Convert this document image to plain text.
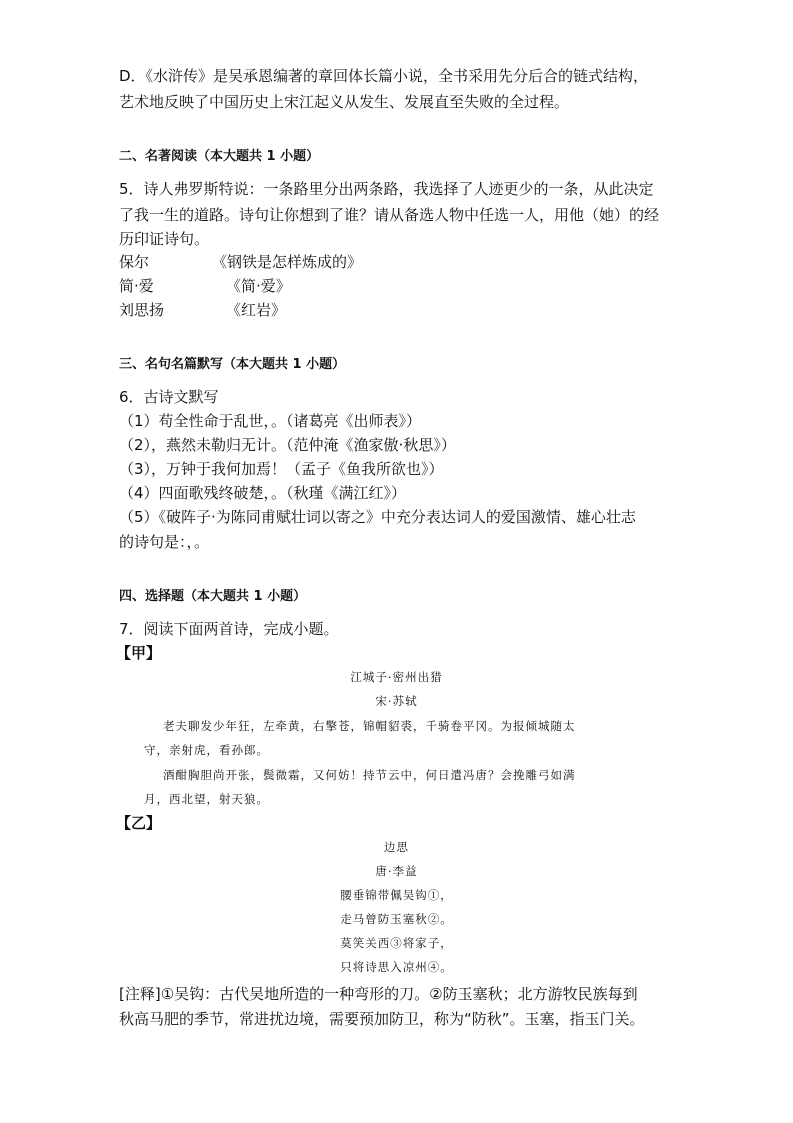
D．《水浒传》是吴承恩编著的章回体长篇小说，全书采用先分后合的链式结构，
艺术地反映了中国历史上宋江起义从发生、发展直至失败的全过程。
二、名著阅读（本大题共 1 小题）
5．诗人弗罗斯特说：一条路里分出两条路，我选择了人迹更少的一条，从此决定
了我一生的道路。诗句让你想到了谁？请从备选人物中任选一人，用他（她）的经
历印证诗句。
保尔	《钢铁是怎样炼成的》
简·爱	《简·爱》
刘思扬	《红岩》
三、名句名篇默写（本大题共 1 小题）
6．古诗文默写
（1）苟全性命于乱世，。（诸葛亮《出师表》）
（2），燕然未勒归无计。（范仲淹《渔家傲·秋思》）
（3），万钟于我何加焉！（孟子《鱼我所欲也》）
（4）四面歌残终破楚，。（秋瑾《满江红》）
（5）《破阵子·为陈同甫赋壮词以寄之》中充分表达词人的爱国激情、雄心壮志
的诗句是：，。
四、选择题（本大题共 1 小题）
7．阅读下面两首诗，完成小题。
【甲】
江城子·密州出猎
宋·苏轼
老夫聊发少年狂，左牵黄，右擎苍，锦帽貂裘，千骑卷平冈。为报倾城随太
守，亲射虎，看孙郎。
酒酣胸胆尚开张，鬓微霜，又何妨！持节云中，何日遣冯唐？会挽雕弓如满
月，西北望，射天狼。
【乙】
边思
唐·李益
腰垂锦带佩吴钩①，
走马曾防玉塞秋②。
莫笑关西③将家子，
只将诗思入凉州④。
[注释]①吴钩：古代吴地所造的一种弯形的刀。②防玉塞秋；北方游牧民族每到
秋高马肥的季节，常进扰边境，需要预加防卫，称为“防秋”。玉塞，指玉门关。
